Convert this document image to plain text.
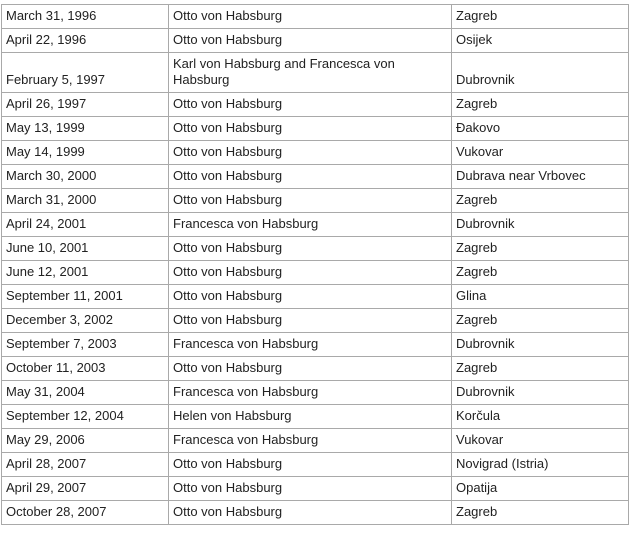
March 31, 1996	Otto von Habsburg	Zagreb
April 22, 1996	Otto von Habsburg	Osijek
February 5, 1997	Karl von Habsburg and Francesca von Habsburg	Dubrovnik
April 26, 1997	Otto von Habsburg	Zagreb
May 13, 1999	Otto von Habsburg	Đakovo
May 14, 1999	Otto von Habsburg	Vukovar
March 30, 2000	Otto von Habsburg	Dubrava near Vrbovec
March 31, 2000	Otto von Habsburg	Zagreb
April 24, 2001	Francesca von Habsburg	Dubrovnik
June 10, 2001	Otto von Habsburg	Zagreb
June 12, 2001	Otto von Habsburg	Zagreb
September 11, 2001	Otto von Habsburg	Glina
December 3, 2002	Otto von Habsburg	Zagreb
September 7, 2003	Francesca von Habsburg	Dubrovnik
October 11, 2003	Otto von Habsburg	Zagreb
May 31, 2004	Francesca von Habsburg	Dubrovnik
September 12, 2004	Helen von Habsburg	Korčula
May 29, 2006	Francesca von Habsburg	Vukovar
April 28, 2007	Otto von Habsburg	Novigrad (Istria)
April 29, 2007	Otto von Habsburg	Opatija
October 28, 2007	Otto von Habsburg	Zagreb
